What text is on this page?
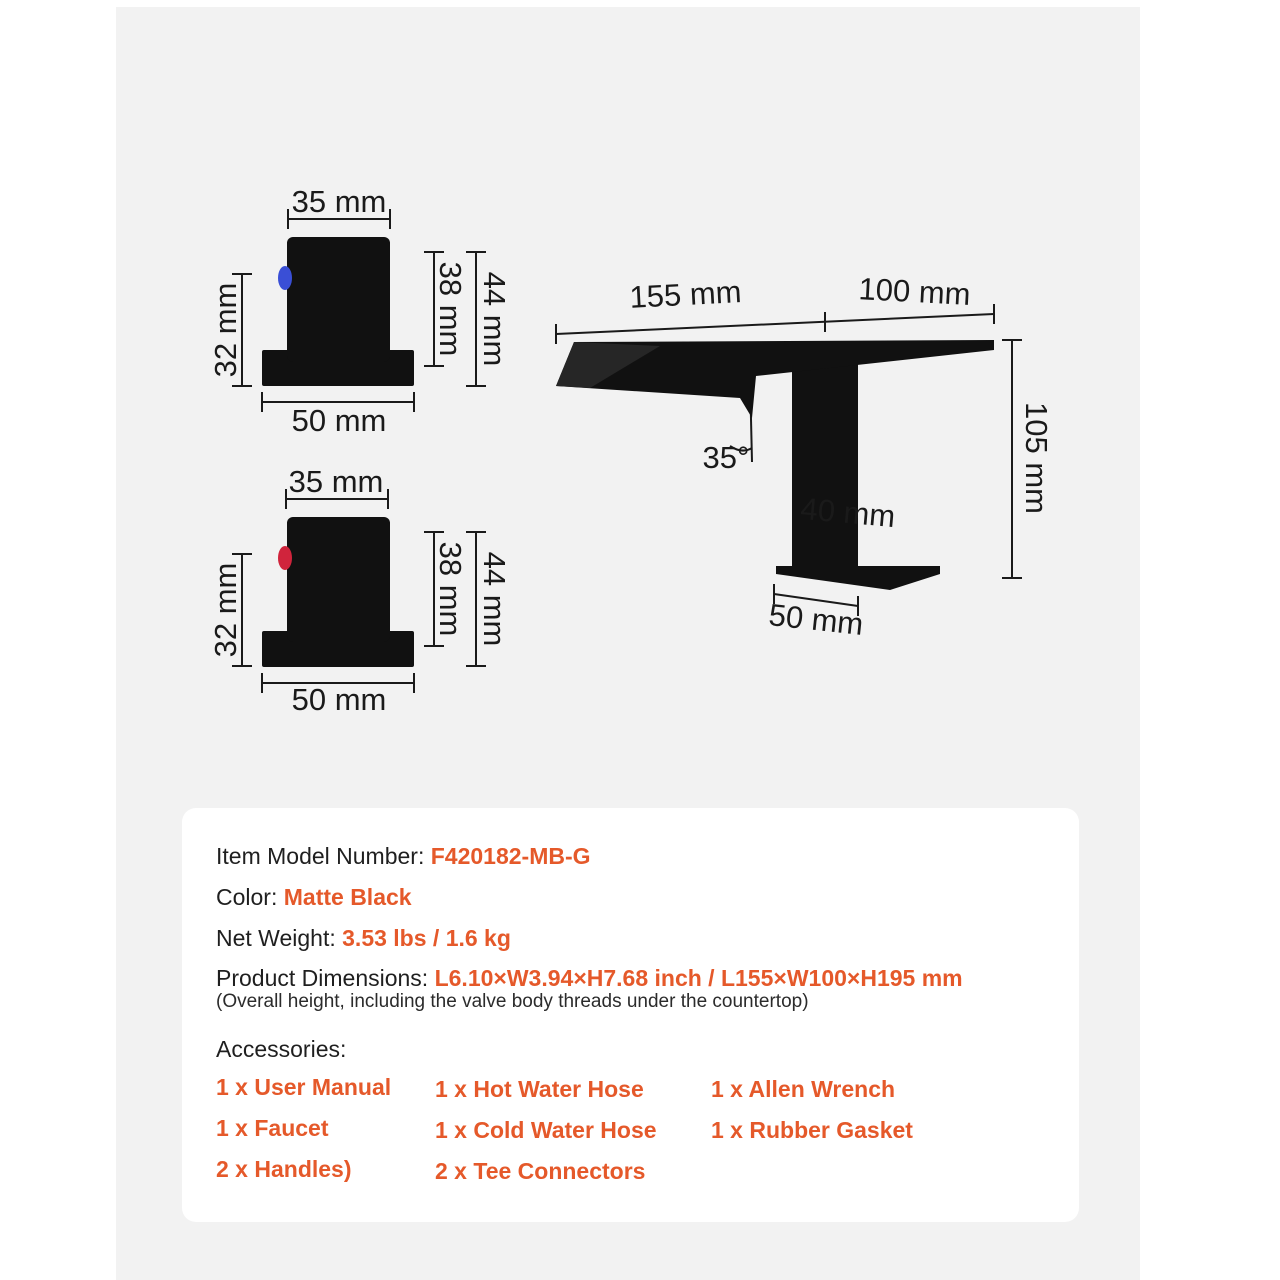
35 mm
38 mm 44 mm
32 mm
50 mm
35 mm
38 mm 44 mm
32 mm
50 mm
155 mm	100 mm
105 mm
35°
40 mm
50 mm
Item Model Number: F420182-MB-G
Color: Matte Black
Net Weight: 3.53 lbs / 1.6 kg
Product Dimensions: L6.10×W3.94×H7.68 inch / L155×W100×H195 mm
(Overall height, including the valve body threads under the countertop)
Accessories:
1 x User Manual
1 x Faucet
2 x Handles)
1 x Hot Water Hose
1 x Cold Water Hose
2 x Tee Connectors
1 x Allen Wrench
1 x Rubber Gasket
